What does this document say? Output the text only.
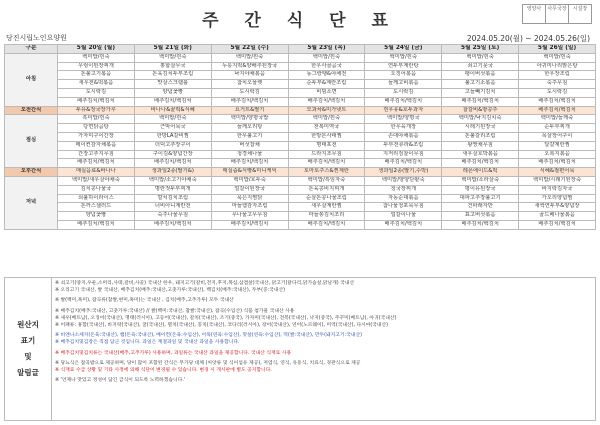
주 간 식 단 표
영양사	사무국장	시설장
당진시립노인요양원	2024.05.20(월) ~ 2024.05.26(일)
구분	5월 20일 (월)	5월 21일 (화)	5월 22일 (수)	5월 23일 (목)	5월 24일 (금)	5월 25일 (토)	5월 26일 (일)
아침	백미밥/흰죽	백미밥/흰죽	백미밥/흰죽	백미밥/흰죽	백미밥/흰죽	백미밥/흰죽	백미밥/흰죽
	우렁이된장찌개	홍합살무국	누룽지떡&양배추된장국	한우사골곰국	연두부계란탕	쇠고기뭇국	아귀미나리맑은탕
	돈불고기볶음	돈육김치두부조림	낙지야채볶음	동그랑땡&야채전	오징어볶음	팽이버섯볶음	한우장조림
	새우전&떡볶음	맛살스크램블	참치오믈렛	순두부&계란조림	들깨고비볶음	불고기소볶음	숙주무침
	도시락김	양념꽃빵	도시락김	비빔소면	도시락김	고들빼기김치	도시락김
	배추김치/백김치	배추김치/백김치	배추김치/백김치	배추김치/백김치	배추김치/백김치	배추김치/백김치	배추김치/백김치
오전간식	두유&정국장가루	바나나&꿀떡&식혜	요거트&딸기	모과차&미가넷트	흰우유&호두과자	찰갈비&땅콩주	배추김치/백김치
점심	흑미밥/흰죽	백미밥/흰죽	백미밥/양평국밥	백미밥/흰죽	백미밥/양평국	백미밥/낙지김치죽	백미밥/들깨죽
	당면닭곰탕	근막어묵국	들깨오리탕	전복미역국	한우육개장	시래기된장국	순두부찌개
	가자미구이간장	한방LA갈비찜	한우불고기	한방돈사태찜	손대야채볶음	돈불갈리조림	목살장어구이
	메이컨감자채볶음	더덕고추장구이	버섯잡채	명태포전	두부전류라&조림	왕짱채무침	달걀계란찜
	간장고추지무침	구이김&양념간장	청경채나물	드라지조무침	지저리검찰이무침	새우살호박볶음	오복지볶음
	배추김치/백김치	배추김치/백김치	배추김치/백김치	배추김치/백김치	배추김치/백김치	배추김치/백김치	배추김치/백김치
오후간식	매실음료&바나나	생과일2종(딸기&)	매실즙&식빵&미니케익	토마토주스&찐계란	생과일2종(딸기,수박)	레몬에이드&떡	식혜&절편어묵
저녁	백미밥/새우살야채죽	백미밥/소고기야채죽	백미밥/호두죽	백미밥/흑임자죽	백미밥/양양단팥죽	백미밥/소라살죽	백미밥/시래기된장죽
	김치콩나물국	명란젓두부찌개	얼갈이된장국	돈육콩비지찌개	청국장찌개	평이유된장국	바지락김자국
	쇠불하이라이스	깔치김치조림	묵은지찜닭	순살돈콩나물조림	자동순대볶음	대파고추장불고기	가오리양념찜
	돈까스샐러드	너비아니계란전	마늘햄감자조림	새우살계란찜	참나물청포묵무침	건파래자반	새싹연두부&양념장
	양념꽃빵	숙주나물무침	무나물고무무침	마늘쫑김치조리	얼갈이나물	표고버섯볶음	골드배나물볶음
	배추김치/백김치	배추김치/백김치	배추김치/백김치	배추김치/백김치	배추김치/백김치	배추김치/백김치	배추김치/백김치
원산지
표기
및
알림글
※ 쇠고기(양지,우둔,소머리,사태,갈비,사골) 국내산 한우, 돼지고기(갈비,전지,후지,목심,삼겹살)국내산, 닭고기(닭다리,닭가슴살,닭날개) 국내산
※ 오리고기 국내산, 쌀 국내산, 배추김치(배추:국내산,고춧가루:국내산), 백김치(배추:국내산), 두부(콩:국내산)
※ 쌀(백미,흑미), 잡곡류(찹쌀,현미,흑미)는 국내산 , 김치(배추,고추가루) 모두 국내산
※ 배추김치(배추:국내산, 고춧가루:국내산) // 쌀(백미:국내산, 찹쌀:국내산), 잡곡(수입산) 식품 첨가물 국내산 사용
※ 새우(베트남), 오징어(국내산), 명태(러시아), 고등어(국내산), 갈치(국내산), 조기(중국), 가자미(국내산), 전복(국내산), 낙지(중국), 주꾸미(베트남), 아귀(국내산)
※ 어패류: 홍합(국내산), 바지락(국내산), 굴(국내산), 멸치(국내산), 꽁치(국내산), 코다리(러시아), 장어(국내산), 연어(노르웨이), 미역(국내산), 다시마(국내산)
※ 비엔나소세지(돈육:국내산), 햄(돈육:국내산), 베이컨(돈육:수입산), 어묵(연육:수입산), 맛살(연육:수입산), 떡(쌀:국내산), 만두(돼지고기:국내산)
※ 배추김치및김장은 직접 담근 것입니다. 과일은 계절과일 및 국내산 과일을 사용합니다.
※ 배추김치및김치류는 국내산(배추,고추가루) 사용하며, 과일류는 국내산 과일을 제공합니다. 국내산 식재료 사용
※ 당뇨식은 잡곡밥으로 제공하며, 당이 많이 포함된 간식은 무가당 대체 (씨앗류 및 식이섬유 제공), 저염식, 연식, 유동식, 치료식, 경관식으로 제공
※ 식재료 수급 상황 및 기타 사정에 의해 식단이 변경될 수 있습니다. 변경 시 게시판에 별도 공지합니다.
※ '언제나 맛있고 정성이 담긴 급식이 되도록 노력하겠습니다.'
